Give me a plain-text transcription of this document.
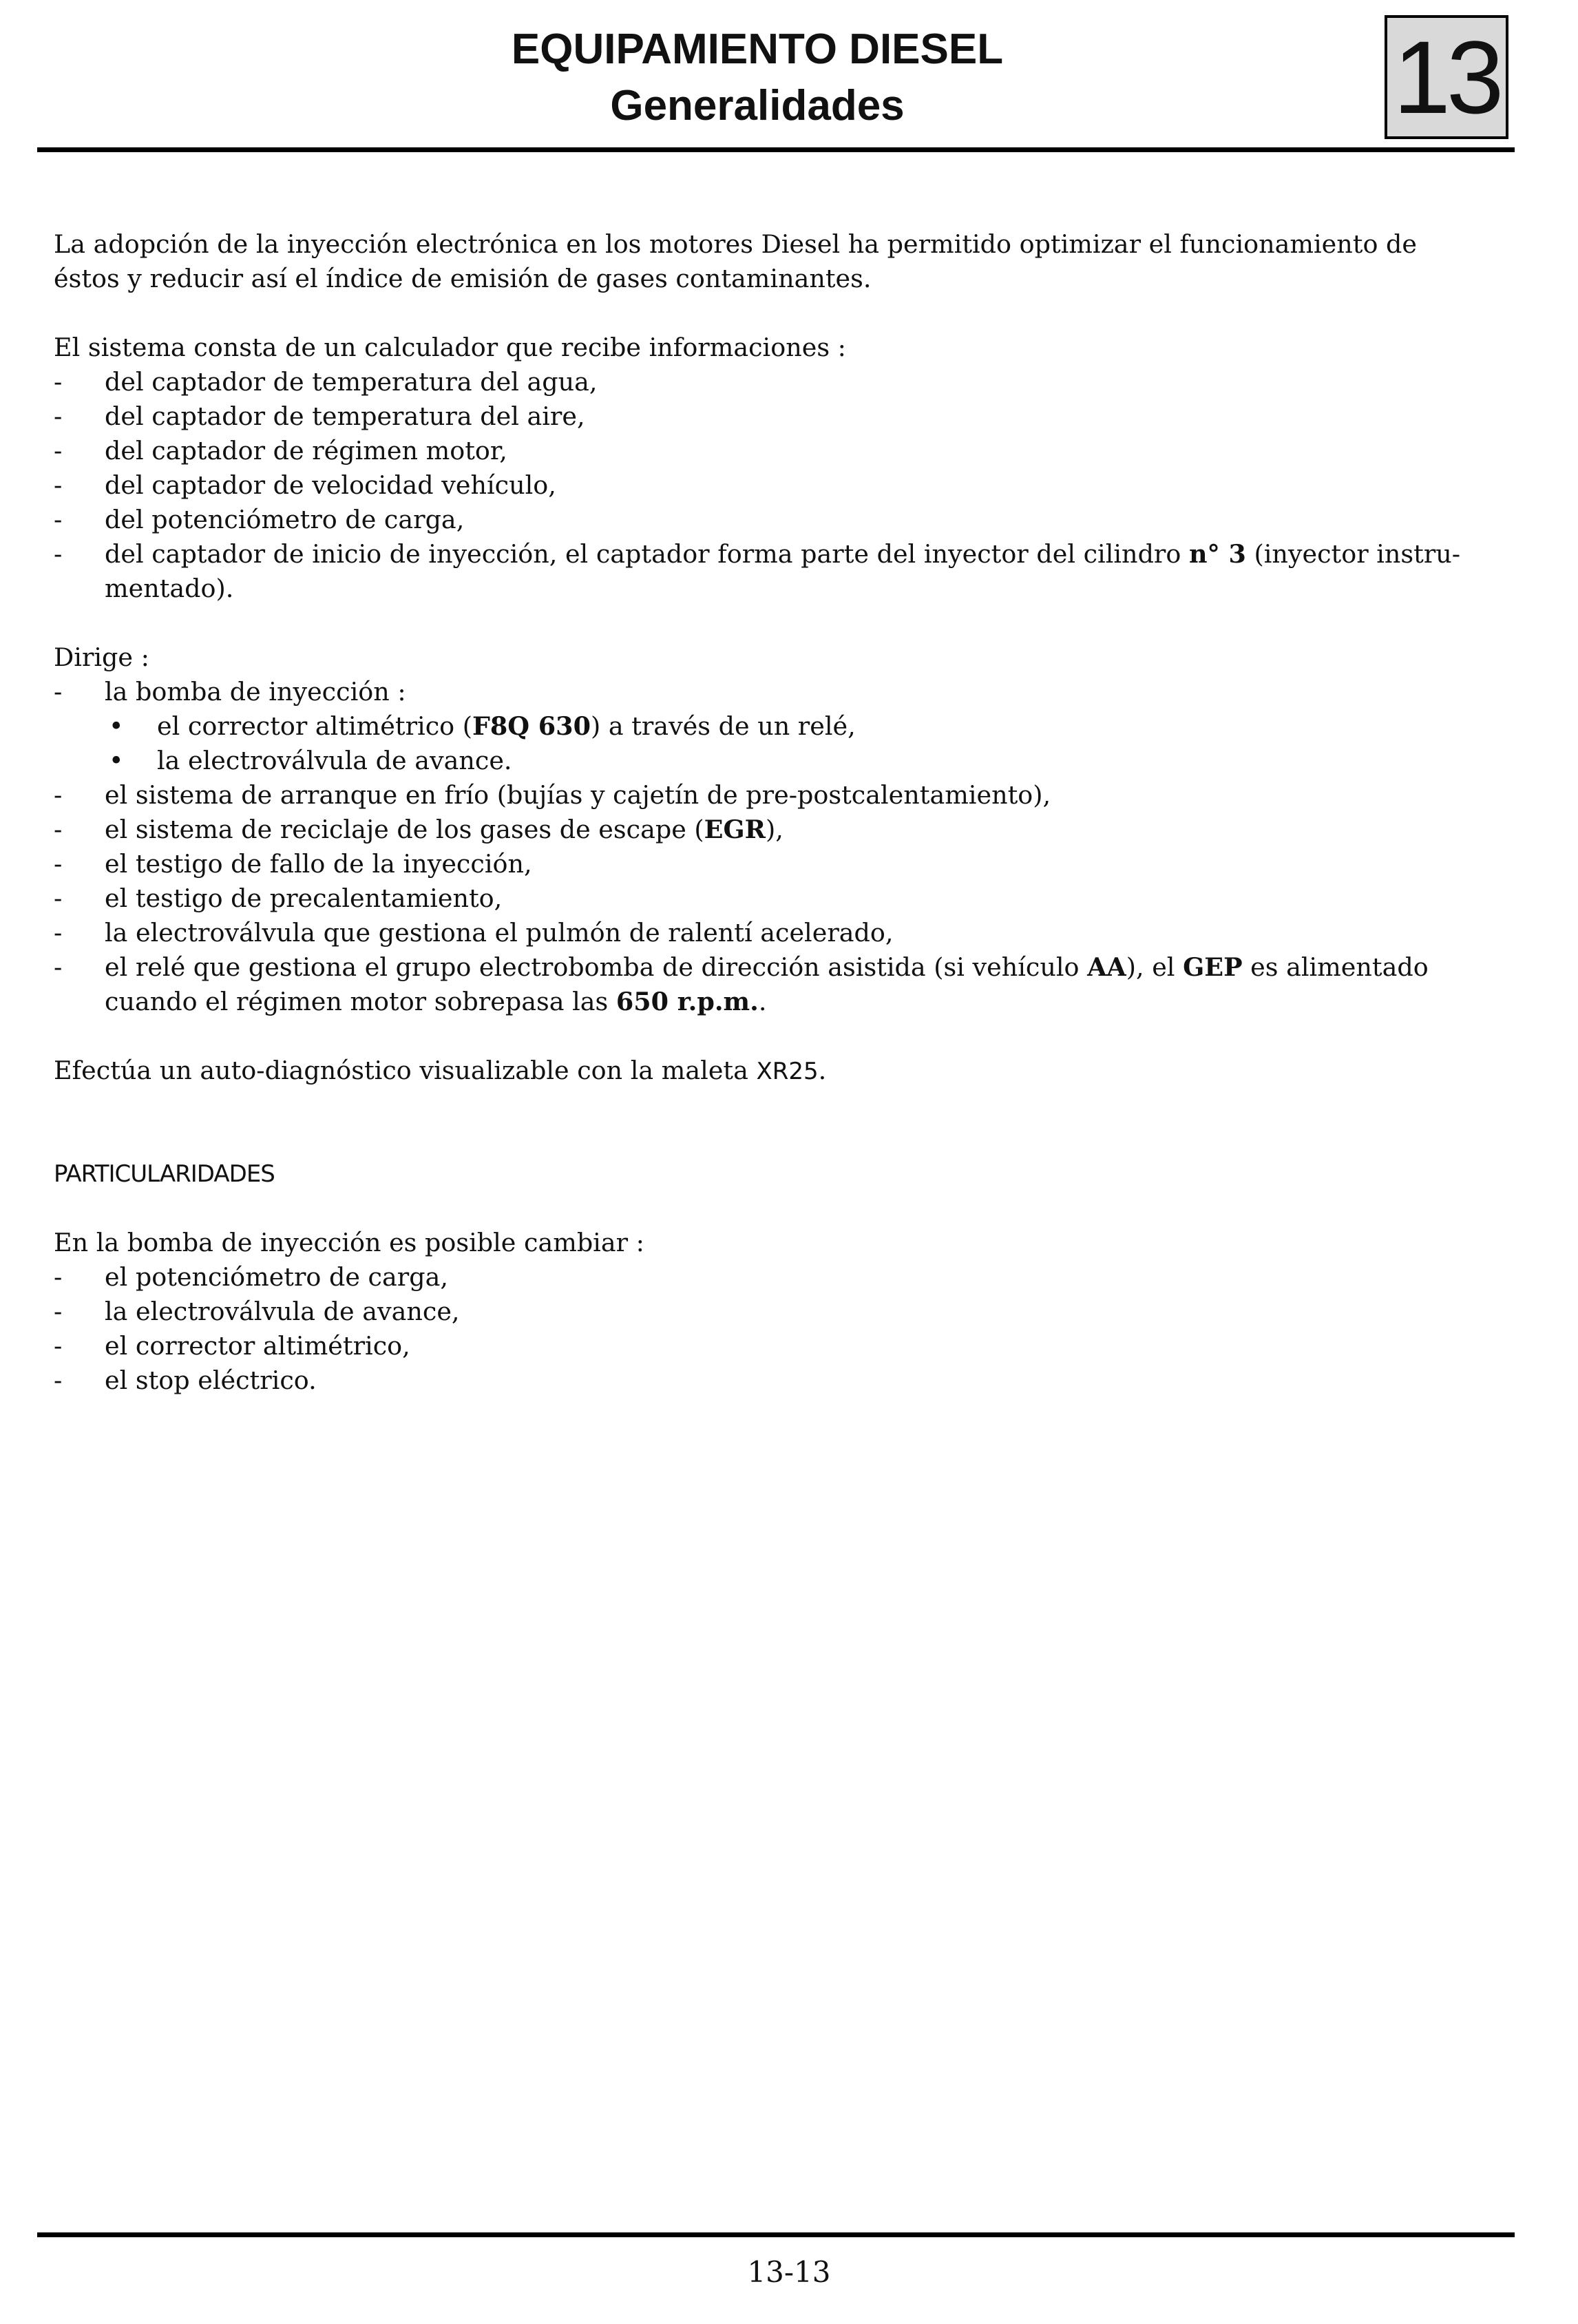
EQUIPAMIENTO DIESEL
Generalidades	13
La adopción de la inyección electrónica en los motores Diesel ha permitido optimizar el funcionamiento de
éstos y reducir así el índice de emisión de gases contaminantes.
El sistema consta de un calculador que recibe informaciones :
- del captador de temperatura del agua,
- del captador de temperatura del aire,
- del captador de régimen motor,
- del captador de velocidad vehículo,
- del potenciómetro de carga,
- del captador de inicio de inyección, el captador forma parte del inyector del cilindro n° 3 (inyector instru-
mentado).
Dirige :
- la bomba de inyección :
• el corrector altimétrico (F8Q 630) a través de un relé,
• la electroválvula de avance.
- el sistema de arranque en frío (bujías y cajetín de pre-postcalentamiento),
- el sistema de reciclaje de los gases de escape (EGR),
- el testigo de fallo de la inyección,
- el testigo de precalentamiento,
- la electroválvula que gestiona el pulmón de ralentí acelerado,
- el relé que gestiona el grupo electrobomba de dirección asistida (si vehículo AA), el GEP es alimentado
cuando el régimen motor sobrepasa las 650 r.p.m..
Efectúa un auto-diagnóstico visualizable con la maleta XR25.
PARTICULARIDADES
En la bomba de inyección es posible cambiar :
- el potenciómetro de carga,
- la electroválvula de avance,
- el corrector altimétrico,
- el stop eléctrico.
13-13
